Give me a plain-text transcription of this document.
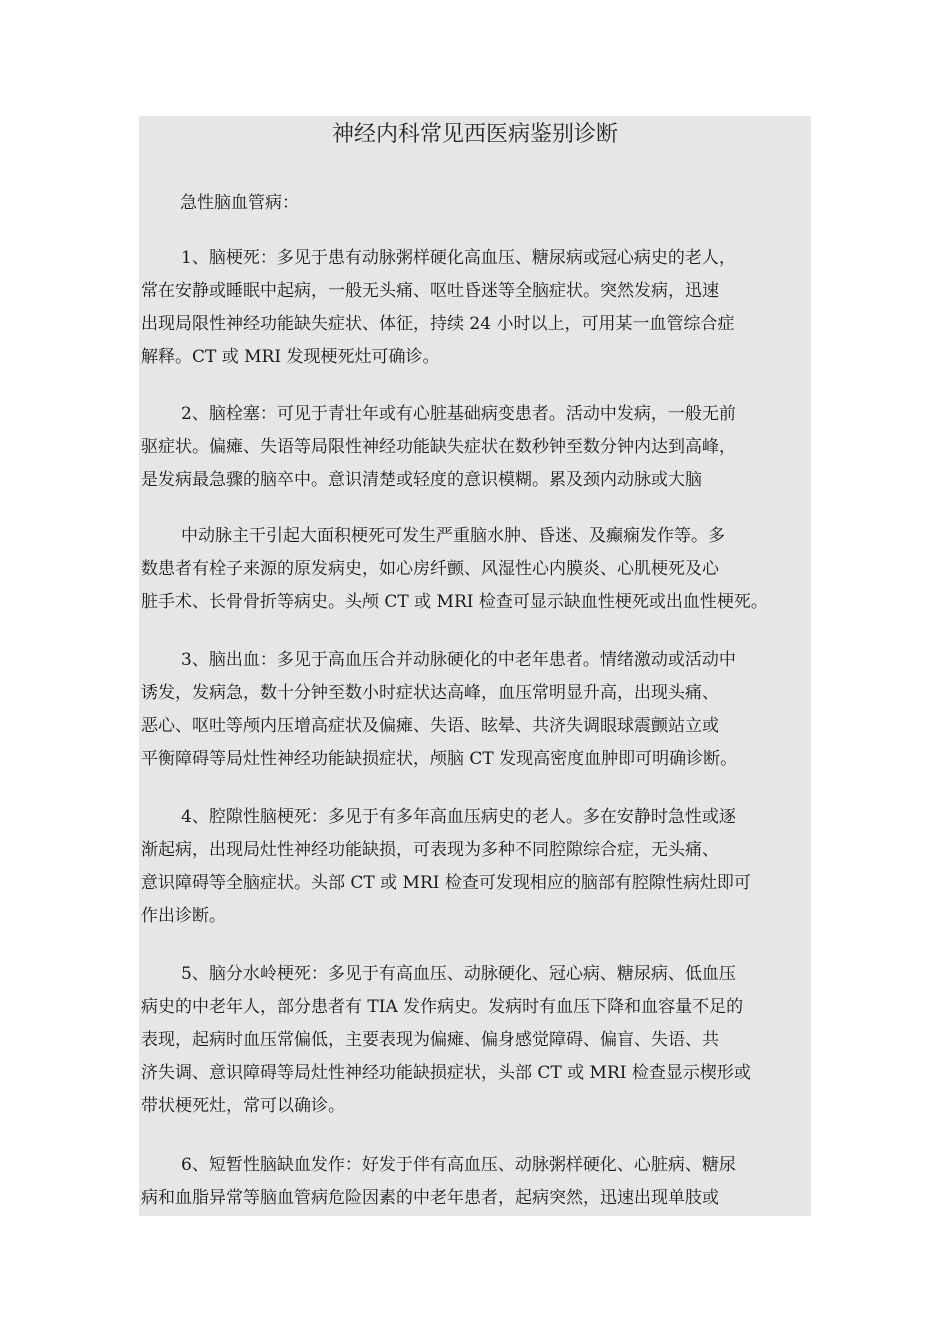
神经内科常见西医病鉴别诊断
急性脑血管病：
1、脑梗死：多见于患有动脉粥样硬化高血压、糖尿病或冠心病史的老人，
常在安静或睡眠中起病，一般无头痛、呕吐昏迷等全脑症状。突然发病，迅速
出现局限性神经功能缺失症状、体征，持续 24 小时以上，可用某一血管综合症
解释。CT 或 MRI 发现梗死灶可确诊。
2、脑栓塞：可见于青壮年或有心脏基础病变患者。活动中发病，一般无前
驱症状。偏瘫、失语等局限性神经功能缺失症状在数秒钟至数分钟内达到高峰，
是发病最急骤的脑卒中。意识清楚或轻度的意识模糊。累及颈内动脉或大脑
中动脉主干引起大面积梗死可发生严重脑水肿、昏迷、及癫痫发作等。多
数患者有栓子来源的原发病史，如心房纤颤、风湿性心内膜炎、心肌梗死及心
脏手术、长骨骨折等病史。头颅 CT 或 MRI 检查可显示缺血性梗死或出血性梗死。
3、脑出血：多见于高血压合并动脉硬化的中老年患者。情绪激动或活动中
诱发，发病急，数十分钟至数小时症状达高峰，血压常明显升高，出现头痛、
恶心、呕吐等颅内压增高症状及偏瘫、失语、眩晕、共济失调眼球震颤站立或
平衡障碍等局灶性神经功能缺损症状，颅脑 CT 发现高密度血肿即可明确诊断。
4、腔隙性脑梗死：多见于有多年高血压病史的老人。多在安静时急性或逐
渐起病，出现局灶性神经功能缺损，可表现为多种不同腔隙综合症，无头痛、
意识障碍等全脑症状。头部 CT 或 MRI 检查可发现相应的脑部有腔隙性病灶即可
作出诊断。
5、脑分水岭梗死：多见于有高血压、动脉硬化、冠心病、糖尿病、低血压
病史的中老年人，部分患者有 TIA 发作病史。发病时有血压下降和血容量不足的
表现，起病时血压常偏低，主要表现为偏瘫、偏身感觉障碍、偏盲、失语、共
济失调、意识障碍等局灶性神经功能缺损症状，头部 CT 或 MRI 检查显示楔形或
带状梗死灶，常可以确诊。
6、短暂性脑缺血发作：好发于伴有高血压、动脉粥样硬化、心脏病、糖尿
病和血脂异常等脑血管病危险因素的中老年患者，起病突然，迅速出现单肢或
